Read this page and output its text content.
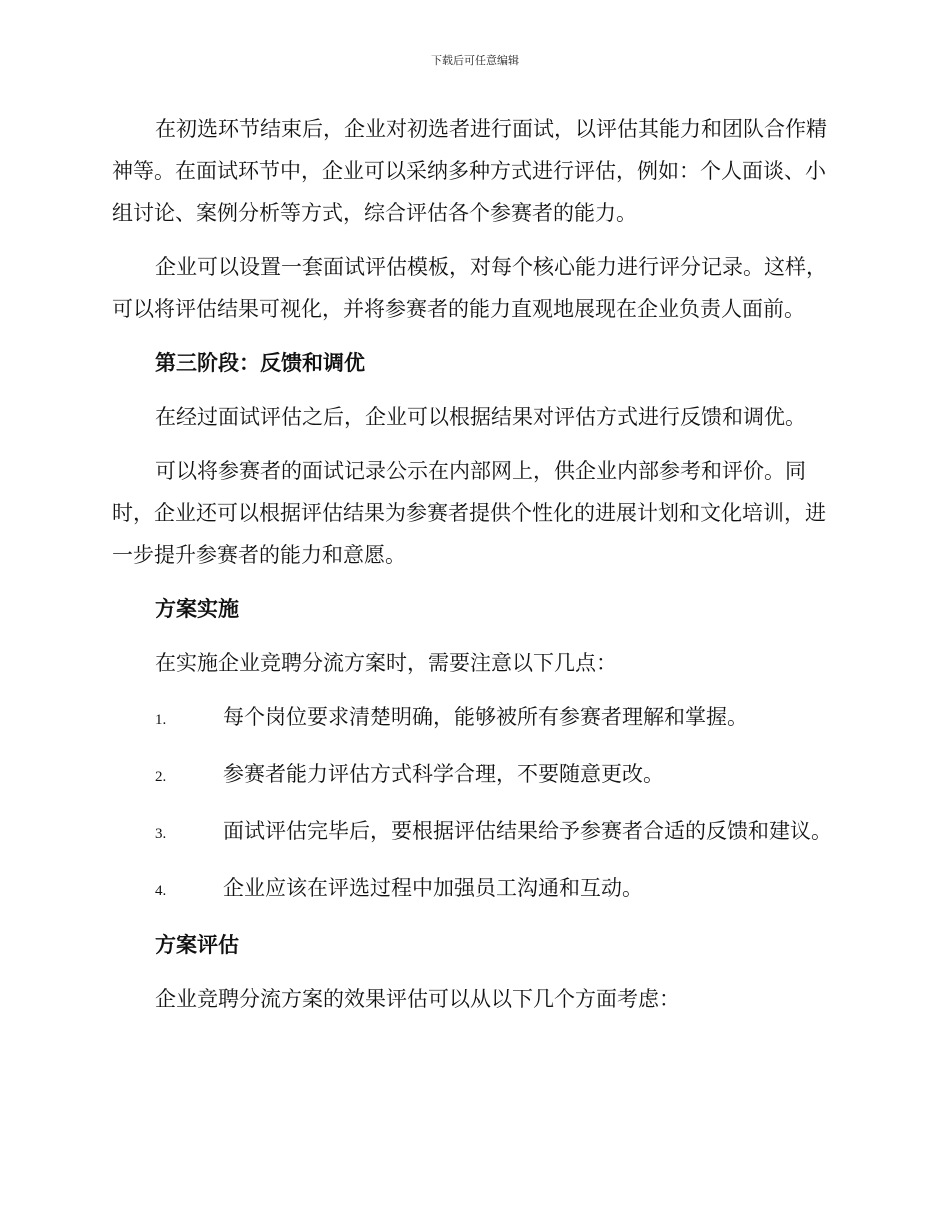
下载后可任意编辑

在初选环节结束后，企业对初选者进行面试，以评估其能力和团队合作精神等。在面试环节中，企业可以采纳多种方式进行评估，例如：个人面谈、小组讨论、案例分析等方式，综合评估各个参赛者的能力。

企业可以设置一套面试评估模板，对每个核心能力进行评分记录。这样，可以将评估结果可视化，并将参赛者的能力直观地展现在企业负责人面前。

第三阶段：反馈和调优

在经过面试评估之后，企业可以根据结果对评估方式进行反馈和调优。

可以将参赛者的面试记录公示在内部网上，供企业内部参考和评价。同时，企业还可以根据评估结果为参赛者提供个性化的进展计划和文化培训，进一步提升参赛者的能力和意愿。

方案实施

在实施企业竞聘分流方案时，需要注意以下几点：

1.	每个岗位要求清楚明确，能够被所有参赛者理解和掌握。

2.	参赛者能力评估方式科学合理，不要随意更改。

3.	面试评估完毕后，要根据评估结果给予参赛者合适的反馈和建议。

4.	企业应该在评选过程中加强员工沟通和互动。

方案评估

企业竞聘分流方案的效果评估可以从以下几个方面考虑：
